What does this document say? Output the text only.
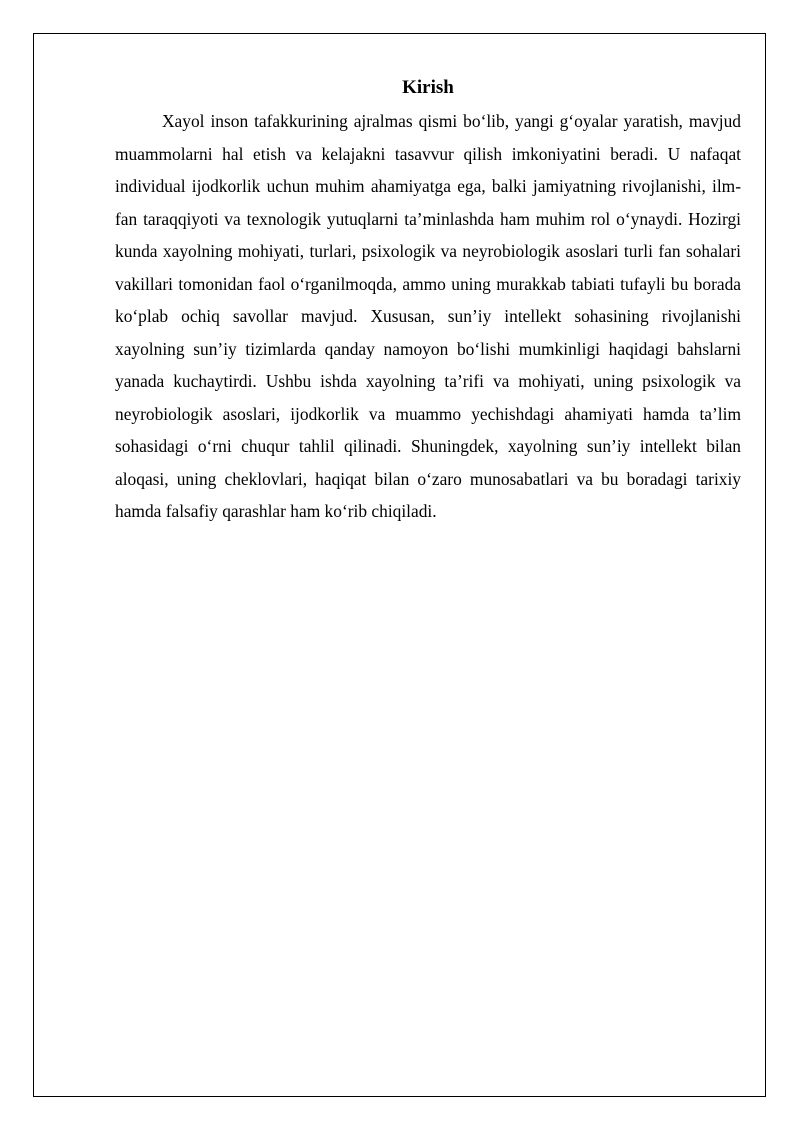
Kirish

Xayol inson tafakkurining ajralmas qismi bo‘lib, yangi g‘oyalar yaratish, mavjud muammolarni hal etish va kelajakni tasavvur qilish imkoniyatini beradi. U nafaqat individual ijodkorlik uchun muhim ahamiyatga ega, balki jamiyatning rivojlanishi, ilm-fan taraqqiyoti va texnologik yutuqlarni ta’minlashda ham muhim rol o‘ynaydi. Hozirgi kunda xayolning mohiyati, turlari, psixologik va neyrobiologik asoslari turli fan sohalari vakillari tomonidan faol o‘rganilmoqda, ammo uning murakkab tabiati tufayli bu borada ko‘plab ochiq savollar mavjud. Xususan, sun’iy intellekt sohasining rivojlanishi xayolning sun’iy tizimlarda qanday namoyon bo‘lishi mumkinligi haqidagi bahslarni yanada kuchaytirdi. Ushbu ishda xayolning ta’rifi va mohiyati, uning psixologik va neyrobiologik asoslari, ijodkorlik va muammo yechishdagi ahamiyati hamda ta’lim sohasidagi o‘rni chuqur tahlil qilinadi. Shuningdek, xayolning sun’iy intellekt bilan aloqasi, uning cheklovlari, haqiqat bilan o‘zaro munosabatlari va bu boradagi tarixiy hamda falsafiy qarashlar ham ko‘rib chiqiladi.
